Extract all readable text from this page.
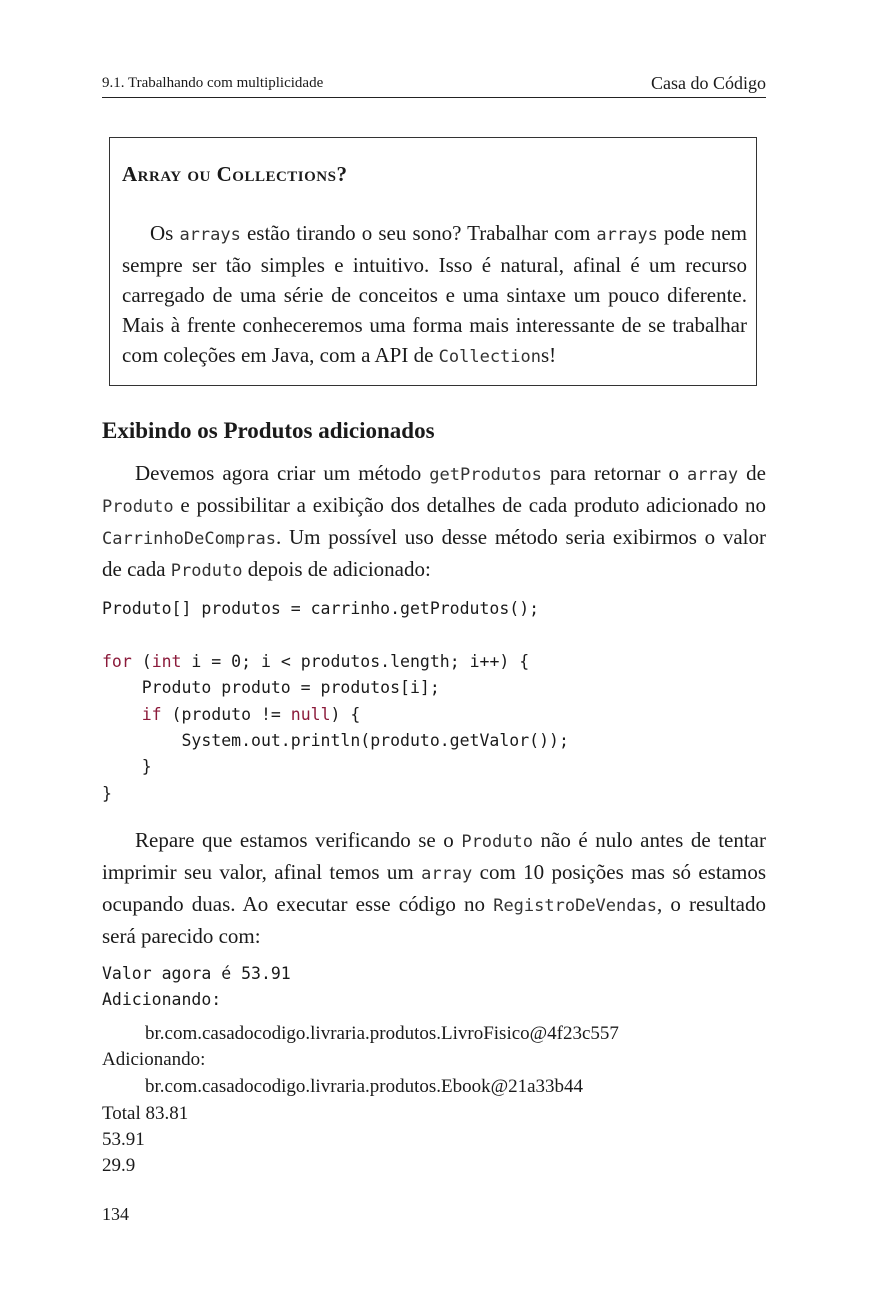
9.1. Trabalhando com multiplicidade	Casa do Código
Array ou Collections?
Os arrays estão tirando o seu sono? Trabalhar com arrays pode nem sempre ser tão simples e intuitivo. Isso é natural, afinal é um recurso carregado de uma série de conceitos e uma sintaxe um pouco diferente. Mais à frente conheceremos uma forma mais interessante de se trabalhar com coleções em Java, com a API de Collections!
Exibindo os Produtos adicionados
Devemos agora criar um método getProdutos para retornar o array de Produto e possibilitar a exibição dos detalhes de cada produto adicionado no CarrinhoDeCompras. Um possível uso desse método seria exibirmos o valor de cada Produto depois de adicionado:
Produto[] produtos = carrinho.getProdutos();

for (int i = 0; i < produtos.length; i++) {
Produto produto = produtos[i];
if (produto != null) {
System.out.println(produto.getValor());
}
}
Repare que estamos verificando se o Produto não é nulo antes de tentar imprimir seu valor, afinal temos um array com 10 posições mas só estamos ocupando duas. Ao executar esse código no RegistroDeVendas, o resultado será parecido com:
Valor agora é 53.91
Adicionando:
br.com.casadocodigo.livraria.produtos.LivroFisico@4f23c557
Adicionando:
br.com.casadocodigo.livraria.produtos.Ebook@21a33b44
Total 83.81
53.91
29.9
134
